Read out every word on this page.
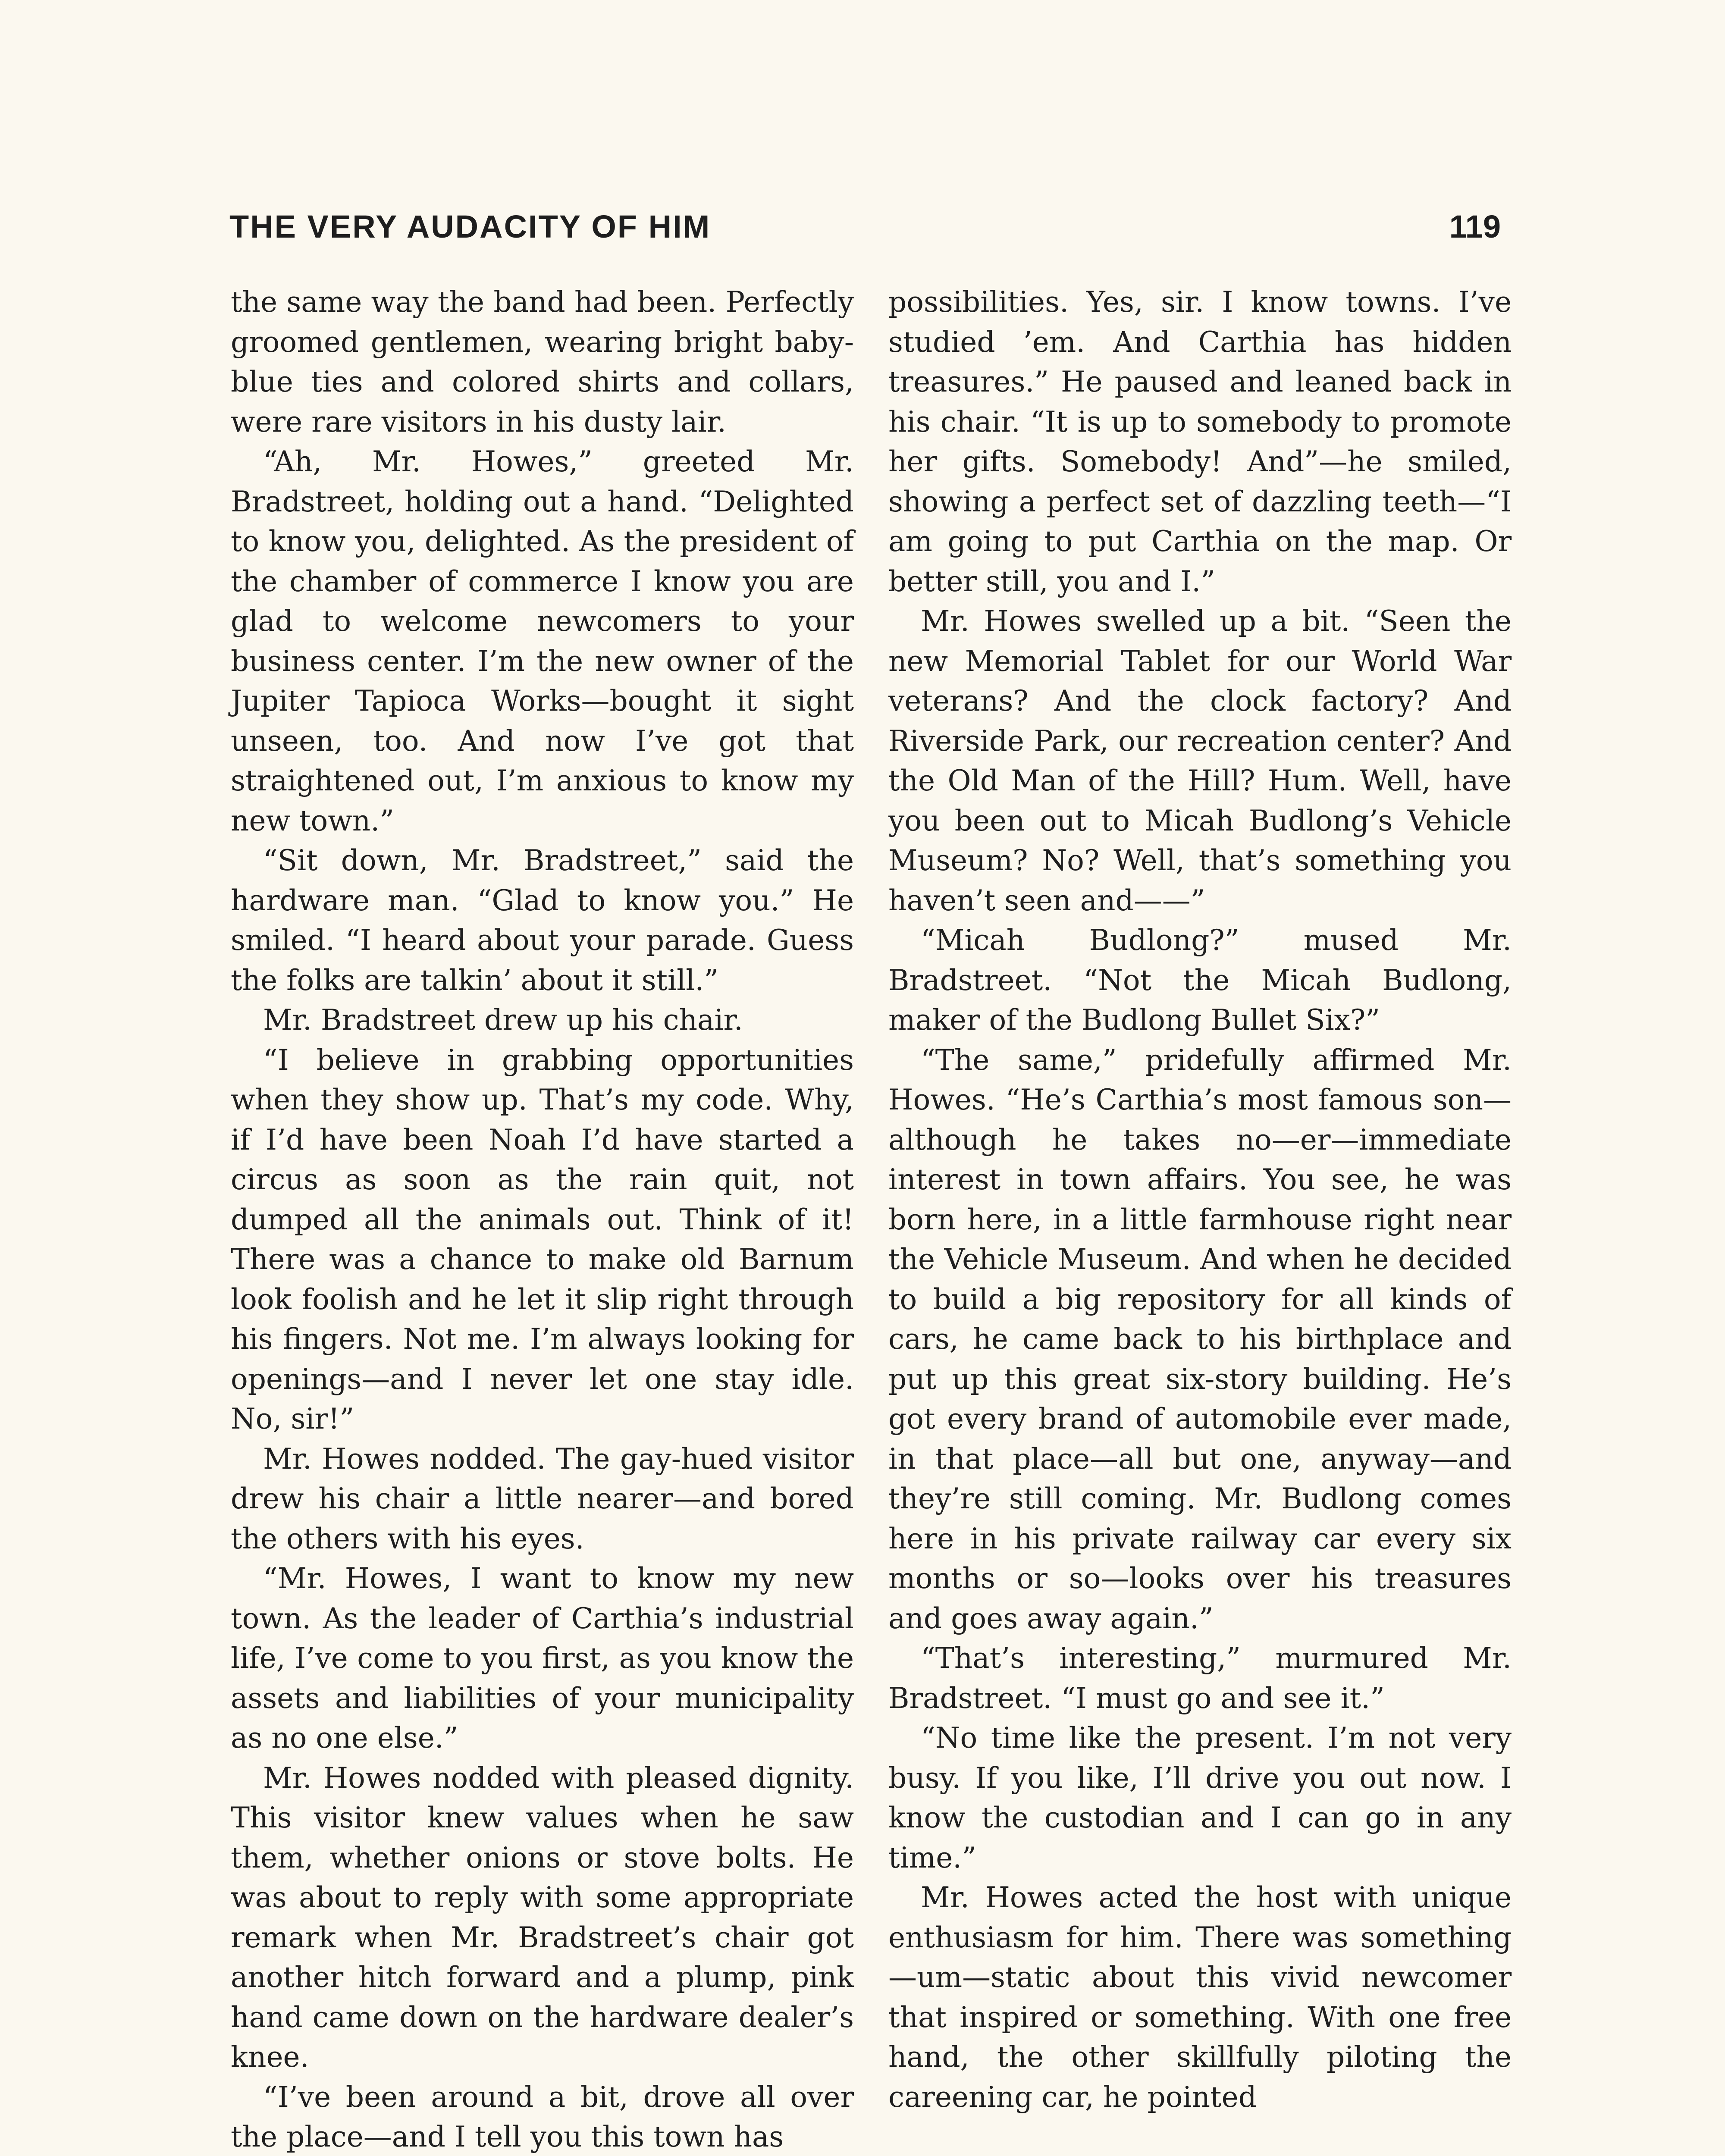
THE VERY AUDACITY OF HIM	119

the same way the band had been. Perfectly groomed gentlemen, wearing bright baby-blue ties and colored shirts and collars, were rare visitors in his dusty lair.

“Ah, Mr. Howes,” greeted Mr. Bradstreet, holding out a hand. “Delighted to know you, delighted. As the president of the chamber of commerce I know you are glad to welcome newcomers to your business center. I’m the new owner of the Jupiter Tapioca Works—bought it sight unseen, too. And now I’ve got that straightened out, I’m anxious to know my new town.”

“Sit down, Mr. Bradstreet,” said the hardware man. “Glad to know you.” He smiled. “I heard about your parade. Guess the folks are talkin’ about it still.”

Mr. Bradstreet drew up his chair.

“I believe in grabbing opportunities when they show up. That’s my code. Why, if I’d have been Noah I’d have started a circus as soon as the rain quit, not dumped all the animals out. Think of it! There was a chance to make old Barnum look foolish and he let it slip right through his fingers. Not me. I’m always looking for openings—and I never let one stay idle. No, sir!”

Mr. Howes nodded. The gay-hued visitor drew his chair a little nearer—and bored the others with his eyes.

“Mr. Howes, I want to know my new town. As the leader of Carthia’s industrial life, I’ve come to you first, as you know the assets and liabilities of your municipality as no one else.”

Mr. Howes nodded with pleased dignity. This visitor knew values when he saw them, whether onions or stove bolts. He was about to reply with some appropriate remark when Mr. Bradstreet’s chair got another hitch forward and a plump, pink hand came down on the hardware dealer’s knee.

“I’ve been around a bit, drove all over the place—and I tell you this town has

possibilities. Yes, sir. I know towns. I’ve studied ’em. And Carthia has hidden treasures.” He paused and leaned back in his chair. “It is up to somebody to promote her gifts. Somebody! And”—he smiled, showing a perfect set of dazzling teeth—“I am going to put Carthia on the map. Or better still, you and I.”

Mr. Howes swelled up a bit. “Seen the new Memorial Tablet for our World War veterans? And the clock factory? And Riverside Park, our recreation center? And the Old Man of the Hill? Hum. Well, have you been out to Micah Budlong’s Vehicle Museum? No? Well, that’s something you haven’t seen and——”

“Micah Budlong?” mused Mr. Bradstreet. “Not the Micah Budlong, maker of the Budlong Bullet Six?”

“The same,” pridefully affirmed Mr. Howes. “He’s Carthia’s most famous son—although he takes no—er—immediate interest in town affairs. You see, he was born here, in a little farmhouse right near the Vehicle Museum. And when he decided to build a big repository for all kinds of cars, he came back to his birthplace and put up this great six-story building. He’s got every brand of automobile ever made, in that place—all but one, anyway—and they’re still coming. Mr. Budlong comes here in his private railway car every six months or so—looks over his treasures and goes away again.”

“That’s interesting,” murmured Mr. Bradstreet. “I must go and see it.”

“No time like the present. I’m not very busy. If you like, I’ll drive you out now. I know the custodian and I can go in any time.”

Mr. Howes acted the host with unique enthusiasm for him. There was something—um—static about this vivid newcomer that inspired or something. With one free hand, the other skillfully piloting the careening car, he pointed
